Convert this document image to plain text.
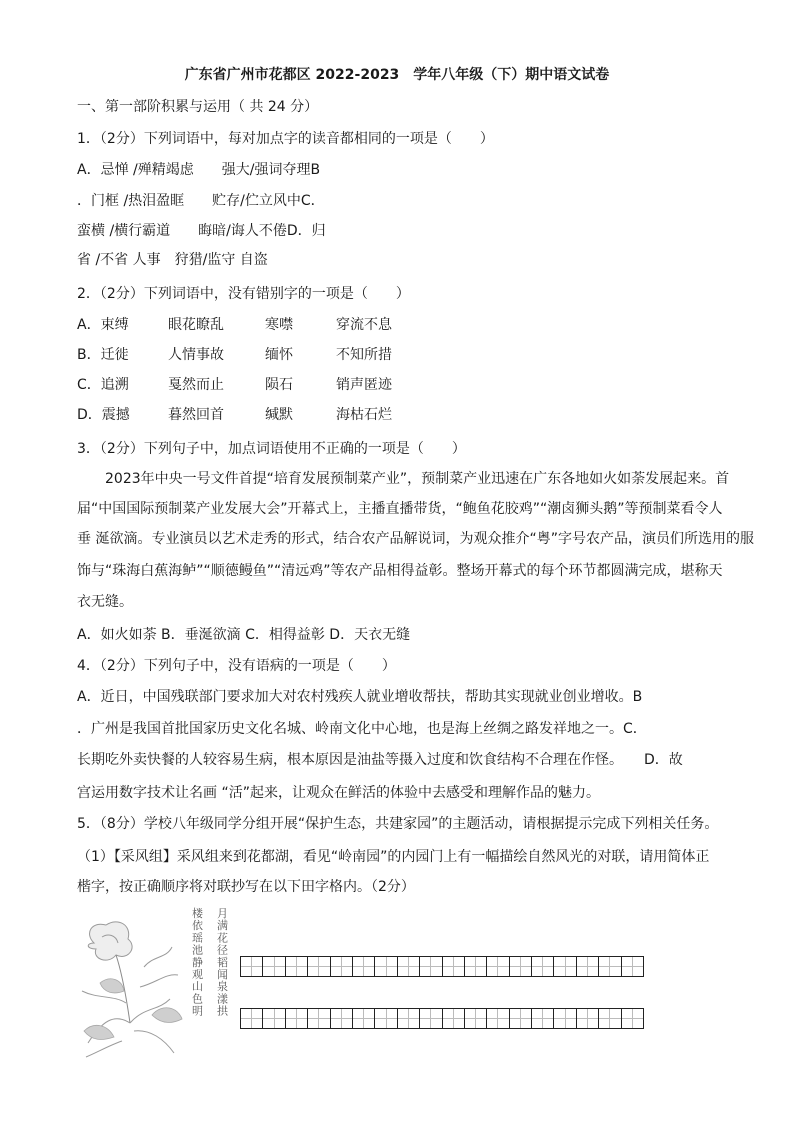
广东省广州市花都区 2022-2023　学年八年级（下）期中语文试卷
一、第一部阶积累与运用（ 共 24 分）
1．（2分）下列词语中，每对加点字的读音都相同的一项是（　　）
A．忌惮 /殚精竭虑　　强大/强词夺理B
．门框 /热泪盈眶　　贮存/伫立风中C．
蛮横 /横行霸道　　晦暗/诲人不倦D．归
省 /不省 人事　狩猎/监守 自盗
2．（2分）下列词语中，没有错别字的一项是（　　）
A．束缚	眼花瞭乱	寒噤	穿流不息
B．迁徙	人情事故	缅怀	不知所措
C．追溯	戛然而止	陨石	销声匿迹
D．震撼	暮然回首	缄默	海枯石烂
3．（2分）下列句子中，加点词语使用不正确的一项是（　　）
　　2023年中央一号文件首提“培育发展预制菜产业”，预制菜产业迅速在广东各地如火如荼发展起来。首
届“中国国际预制菜产业发展大会”开幕式上，主播直播带货，“鲍鱼花胶鸡”“潮卤狮头鹅”等预制菜看令人
垂 涎欲滴。专业演员以艺术走秀的形式，结合农产品解说词，为观众推介“粤”字号农产品，演员们所选用的服
饰与“珠海白蕉海鲈”“顺德鳗鱼”“清远鸡”等农产品相得益彰。整场开幕式的每个环节都圆满完成，堪称天
衣无缝。
A．如火如荼 B．垂涎欲滴 C．相得益彰 D．天衣无缝
4．（2分）下列句子中，没有语病的一项是（　　）
A．近日，中国残联部门要求加大对农村残疾人就业增收帮扶，帮助其实现就业创业增收。B
．广州是我国首批国家历史文化名城、岭南文化中心地，也是海上丝绸之路发祥地之一。C．
长期吃外卖快餐的人较容易生病，根本原因是油盐等摄入过度和饮食结构不合理在作怪。　　D．故
宫运用数字技术让名画 “活”起来，让观众在鲜活的体验中去感受和理解作品的魅力。
5．（8分）学校八年级同学分组开展“保护生态，共建家园”的主题活动，请根据提示完成下列相关任务。
（1）【采风组】采风组来到花都湖，看见“岭南园”的内园门上有一幅描绘自然风光的对联，请用简体正
楷字，按正确顺序将对联抄写在以下田字格内。（2分）
月满花径韬闻泉漾拱
楼依瑶池静观山色明
